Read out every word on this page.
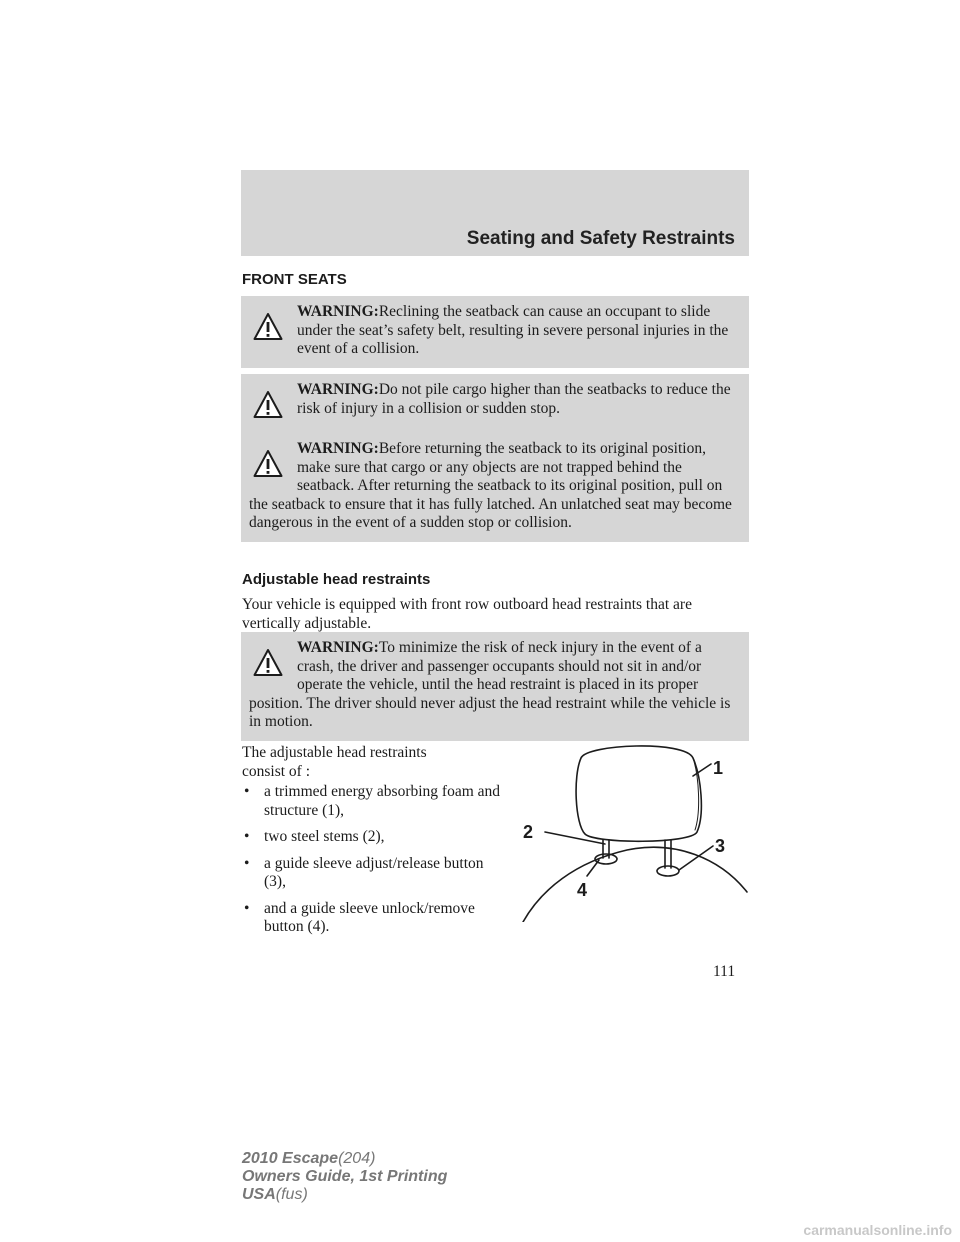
Seating and Safety Restraints
FRONT SEATS
WARNING:Reclining the seatback can cause an occupant to slide under the seat’s safety belt, resulting in severe personal injuries in the event of a collision.
WARNING:Do not pile cargo higher than the seatbacks to reduce the risk of injury in a collision or sudden stop.
WARNING:Before returning the seatback to its original position, make sure that cargo or any objects are not trapped behind the seatback. After returning the seatback to its original position, pull on the seatback to ensure that it has fully latched. An unlatched seat may become dangerous in the event of a sudden stop or collision.
Adjustable head restraints
Your vehicle is equipped with front row outboard head restraints that are vertically adjustable.
WARNING:To minimize the risk of neck injury in the event of a crash, the driver and passenger occupants should not sit in and/or operate the vehicle, until the head restraint is placed in its proper position. The driver should never adjust the head restraint while the vehicle is in motion.
The adjustable head restraints consist of :
• a trimmed energy absorbing foam and structure (1),
• two steel stems (2),
• a guide sleeve adjust/release button (3),
• and a guide sleeve unlock/remove button (4).
1
2
3
4
111
2010 Escape(204)
Owners Guide, 1st Printing
USA(fus)
carmanualsonline.info
